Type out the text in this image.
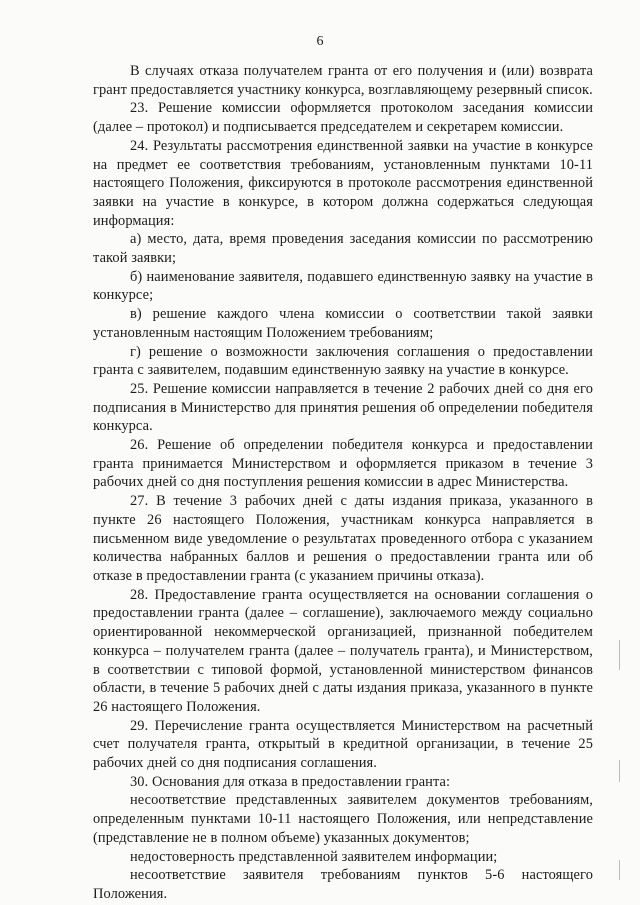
6

В случаях отказа получателем гранта от его получения и (или) возврата грант предоставляется участнику конкурса, возглавляющему резервный список.

23. Решение комиссии оформляется протоколом заседания комиссии (далее – протокол) и подписывается председателем и секретарем комиссии.

24. Результаты рассмотрения единственной заявки на участие в конкурсе на предмет ее соответствия требованиям, установленным пунктами 10-11 настоящего Положения, фиксируются в протоколе рассмотрения единственной заявки на участие в конкурсе, в котором должна содержаться следующая информация:

а) место, дата, время проведения заседания комиссии по рассмотрению такой заявки;

б) наименование заявителя, подавшего единственную заявку на участие в конкурсе;

в) решение каждого члена комиссии о соответствии такой заявки установленным настоящим Положением требованиям;

г) решение о возможности заключения соглашения о предоставлении гранта с заявителем, подавшим единственную заявку на участие в конкурсе.

25. Решение комиссии направляется в течение 2 рабочих дней со дня его подписания в Министерство для принятия решения об определении победителя конкурса.

26. Решение об определении победителя конкурса и предоставлении гранта принимается Министерством и оформляется приказом в течение 3 рабочих дней со дня поступления решения комиссии в адрес Министерства.

27. В течение 3 рабочих дней с даты издания приказа, указанного в пункте 26 настоящего Положения, участникам конкурса направляется в письменном виде уведомление о результатах проведенного отбора с указанием количества набранных баллов и решения о предоставлении гранта или об отказе в предоставлении гранта (с указанием причины отказа).

28. Предоставление гранта осуществляется на основании соглашения о предоставлении гранта (далее – соглашение), заключаемого между социально ориентированной некоммерческой организацией, признанной победителем конкурса – получателем гранта (далее – получатель гранта), и Министерством, в соответствии с типовой формой, установленной министерством финансов области, в течение 5 рабочих дней с даты издания приказа, указанного в пункте 26 настоящего Положения.

29. Перечисление гранта осуществляется Министерством на расчетный счет получателя гранта, открытый в кредитной организации, в течение 25 рабочих дней со дня подписания соглашения.

30. Основания для отказа в предоставлении гранта:

несоответствие представленных заявителем документов требованиям, определенным пунктами 10-11 настоящего Положения, или непредставление (представление не в полном объеме) указанных документов;

недостоверность представленной заявителем информации;

несоответствие заявителя требованиям пунктов 5-6 настоящего Положения.
